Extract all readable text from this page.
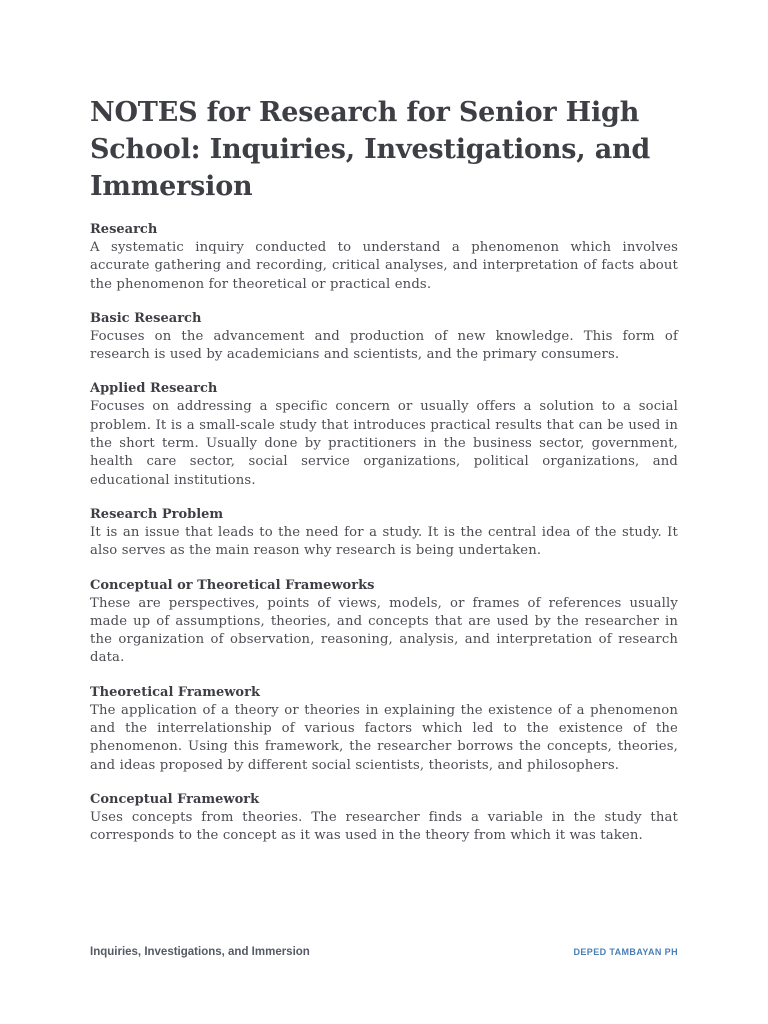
NOTES for Research for Senior High School: Inquiries, Investigations, and Immersion

Research

A systematic inquiry conducted to understand a phenomenon which involves accurate gathering and recording, critical analyses, and interpretation of facts about the phenomenon for theoretical or practical ends.

Basic Research

Focuses on the advancement and production of new knowledge. This form of research is used by academicians and scientists, and the primary consumers.

Applied Research

Focuses on addressing a specific concern or usually offers a solution to a social problem. It is a small-scale study that introduces practical results that can be used in the short term. Usually done by practitioners in the business sector, government, health care sector, social service organizations, political organizations, and educational institutions.

Research Problem

It is an issue that leads to the need for a study. It is the central idea of the study. It also serves as the main reason why research is being undertaken.

Conceptual or Theoretical Frameworks

These are perspectives, points of views, models, or frames of references usually made up of assumptions, theories, and concepts that are used by the researcher in the organization of observation, reasoning, analysis, and interpretation of research data.

Theoretical Framework

The application of a theory or theories in explaining the existence of a phenomenon and the interrelationship of various factors which led to the existence of the phenomenon. Using this framework, the researcher borrows the concepts, theories, and ideas proposed by different social scientists, theorists, and philosophers.

Conceptual Framework

Uses concepts from theories. The researcher finds a variable in the study that corresponds to the concept as it was used in the theory from which it was taken.

Inquiries, Investigations, and Immersion	DEPED TAMBAYAN PH
